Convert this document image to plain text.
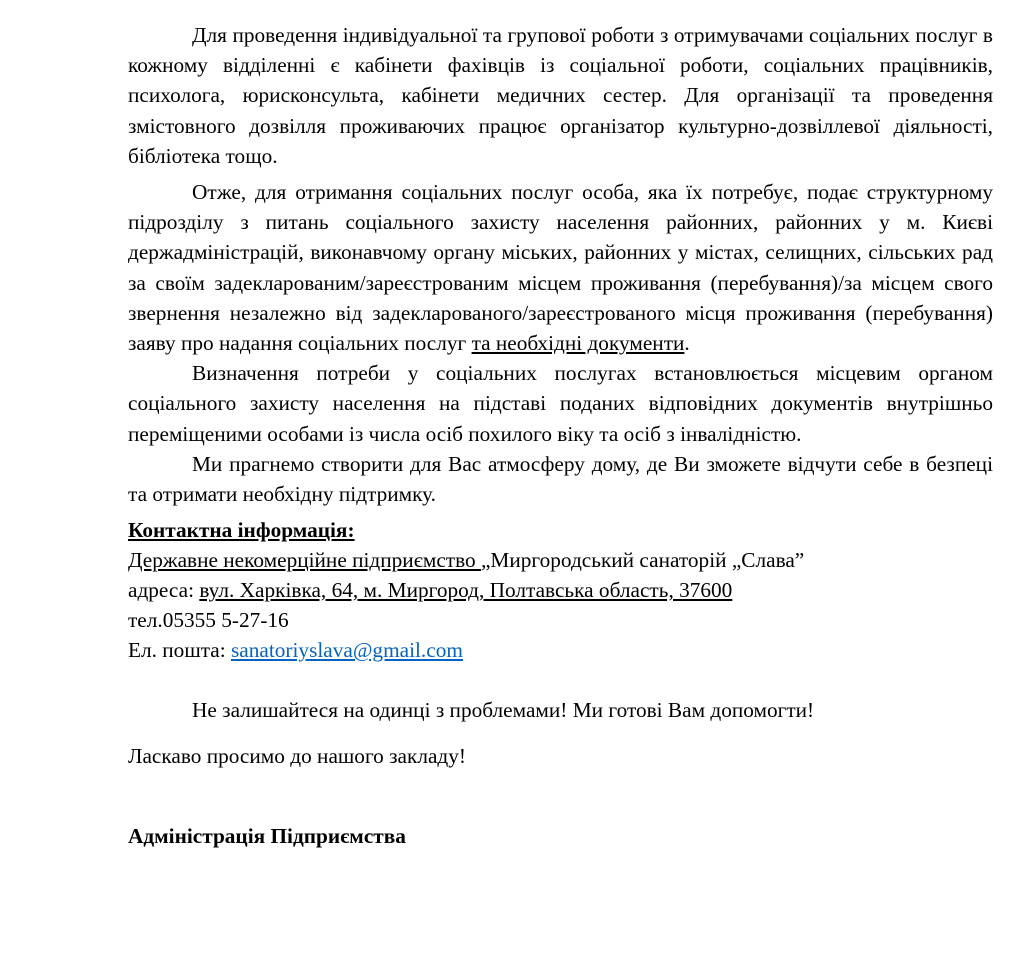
Для проведення індивідуальної та групової роботи з отримувачами соціальних послуг в кожному відділенні є кабінети фахівців із соціальної роботи, соціальних працівників, психолога, юрисконсульта, кабінети медичних сестер. Для організації та проведення змістовного дозвілля проживаючих працює організатор культурно-дозвіллевої діяльності, бібліотека тощо.

Отже, для отримання соціальних послуг особа, яка їх потребує, подає структурному підрозділу з питань соціального захисту населення районних, районних у м. Києві держадміністрацій, виконавчому органу міських, районних у містах, селищних, сільських рад за своїм задекларованим/зареєстрованим місцем проживання (перебування)/за місцем свого звернення незалежно від задекларованого/зареєстрованого місця проживання (перебування) заяву про надання соціальних послуг та необхідні документи.

Визначення потреби у соціальних послугах встановлюється місцевим органом соціального захисту населення на підставі поданих відповідних документів внутрішньо переміщеними особами із числа осіб похилого віку та осіб з інвалідністю.

Ми прагнемо створити для Вас атмосферу дому, де Ви зможете відчути себе в безпеці та отримати необхідну підтримку.

Контактна інформація:

Державне некомерційне підприємство „Миргородський санаторій „Слава”

адреса: вул. Харківка, 64, м. Миргород, Полтавська область, 37600

тел.05355 5-27-16

Ел. пошта: sanatoriyslava@gmail.com

Не залишайтеся на одинці з проблемами! Ми готові Вам допомогти!

Ласкаво просимо до нашого закладу!

Адміністрація Підприємства
